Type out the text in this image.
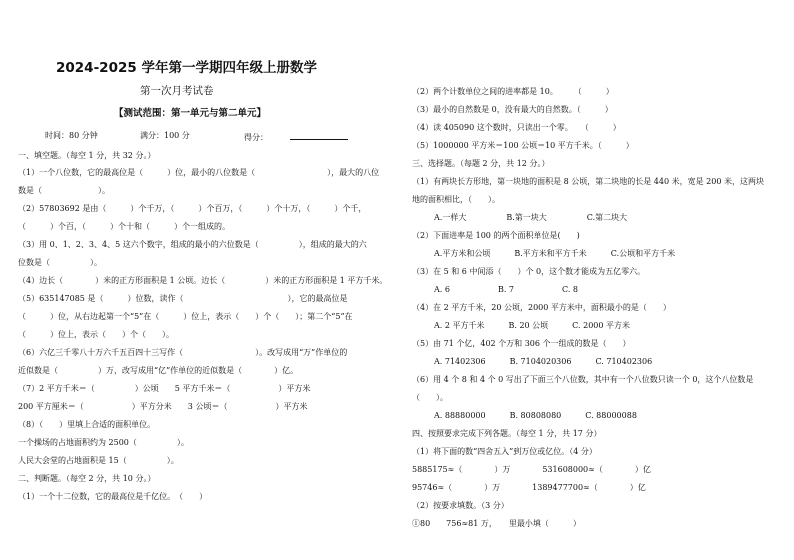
2024-2025 学年第一学期四年级上册数学
第一次月考试卷
【测试范围：第一单元与第二单元】
时间：80 分钟	满分：100 分	得分：
一、填空题。（每空 1 分，共 32 分。）
（1）一个八位数，它的最高位是（　　　）位，最小的八位数是（　　　　　　　　　），最大的八位
数是（　　　　　　　）。
（2）57803692 是由（　　　）个千万，（　　　）个百万，（　　　）个十万，（　　　）个千，
（　　　）个百，（　　　）个十和（　　　）个一组成的。
（3）用 0、1、2、3、4、5 这六个数字，组成的最小的六位数是（　　　　　），组成的最大的六
位数是（　　　　　）。
（4）边长（　　　　）米的正方形面积是 1 公顷。边长（　　　　　）米的正方形面积是 1 平方千米。
（5）635147085 是（　　　）位数，读作（　　　　　　　　　　　　　），它的最高位是
（　　　）位，从右边起第一个“5”在（　　　）位上，表示（　　）个（　　）；第二个“5”在
（　　　）位上，表示（　　）个（　　）。
（6）六亿三千零八十万六千五百四十三写作（　　　　　　　　　）。改写成用“万”作单位的
近似数是（　　　　　）万，改写成用“亿”作单位的近似数是（　　　　）亿。
（7）2 平方千米＝（　　　　　）公顷　　5 平方千米＝（　　　　　　）平方米
200 平方厘米＝（　　　　　　）平方分米　　3 公顷＝（　　　　　　）平方米
（8）（　　）里填上合适的面积单位。
一个操场的占地面积约为 2500（　　　　　）。
人民大会堂的占地面积是 15（　　　　　）。
二、判断题。（每空 2 分，共 10 分。）
（1）一个十二位数，它的最高位是千亿位。　（　　）
（2）两个计数单位之间的进率都是 10。　　　（　　　）
（3）最小的自然数是 0，没有最大的自然数。（　　　）
（4）读 405090 这个数时，只读出一个零。　　（　　　）
（5）1000000 平方米＝100 公顷＝10 平方千米。（　　　）
三、选择题。（每题 2 分，共 12 分。）
（1）有两块长方形地，第一块地的面积是 8 公顷，第二块地的长是 440 米，宽是 200 米，这两块
地的面积相比，（　　）。
A.一样大　　　　　B.第一块大　　　　　C.第二块大
（2）下面进率是 100 的两个面积单位是(　　)
A.平方米和公顷　　　B.平方米和平方千米　　　C.公顷和平方千米
（3）在 5 和 6 中间添（　　）个 0，这个数才能成为五亿零六。
A. 6　　　　　　B. 7　　　　　　C. 8
（4）在 2 平方千米，20 公顷，2000 平方米中，面积最小的是（　　）
A. 2 平方千米　　　B. 20 公顷　　　C. 2000 平方米
（5）由 71 个亿，402 个万和 306 个一组成的数是（　　）
A. 71402306　　　B. 7104020306　　　C. 710402306
（6）用 4 个 8 和 4 个 0 写出了下面三个八位数，其中有一个八位数只读一个 0，这个八位数是
（　　）。
A. 88880000　　　B. 80808080　　　C. 88000088
四、按照要求完成下列各题。（每空 1 分，共 17 分）
（1）将下面的数“四舍五入”到万位或亿位。（4 分）
5885175≈（　　　　）万　　　　531608000≈（　　　　）亿
95746≈（　　　　）万　　　　1389477700≈（　　　　）亿
（2）按要求填数。（3 分）
①80　　756≈81 万，　　里最小填（　　　）
